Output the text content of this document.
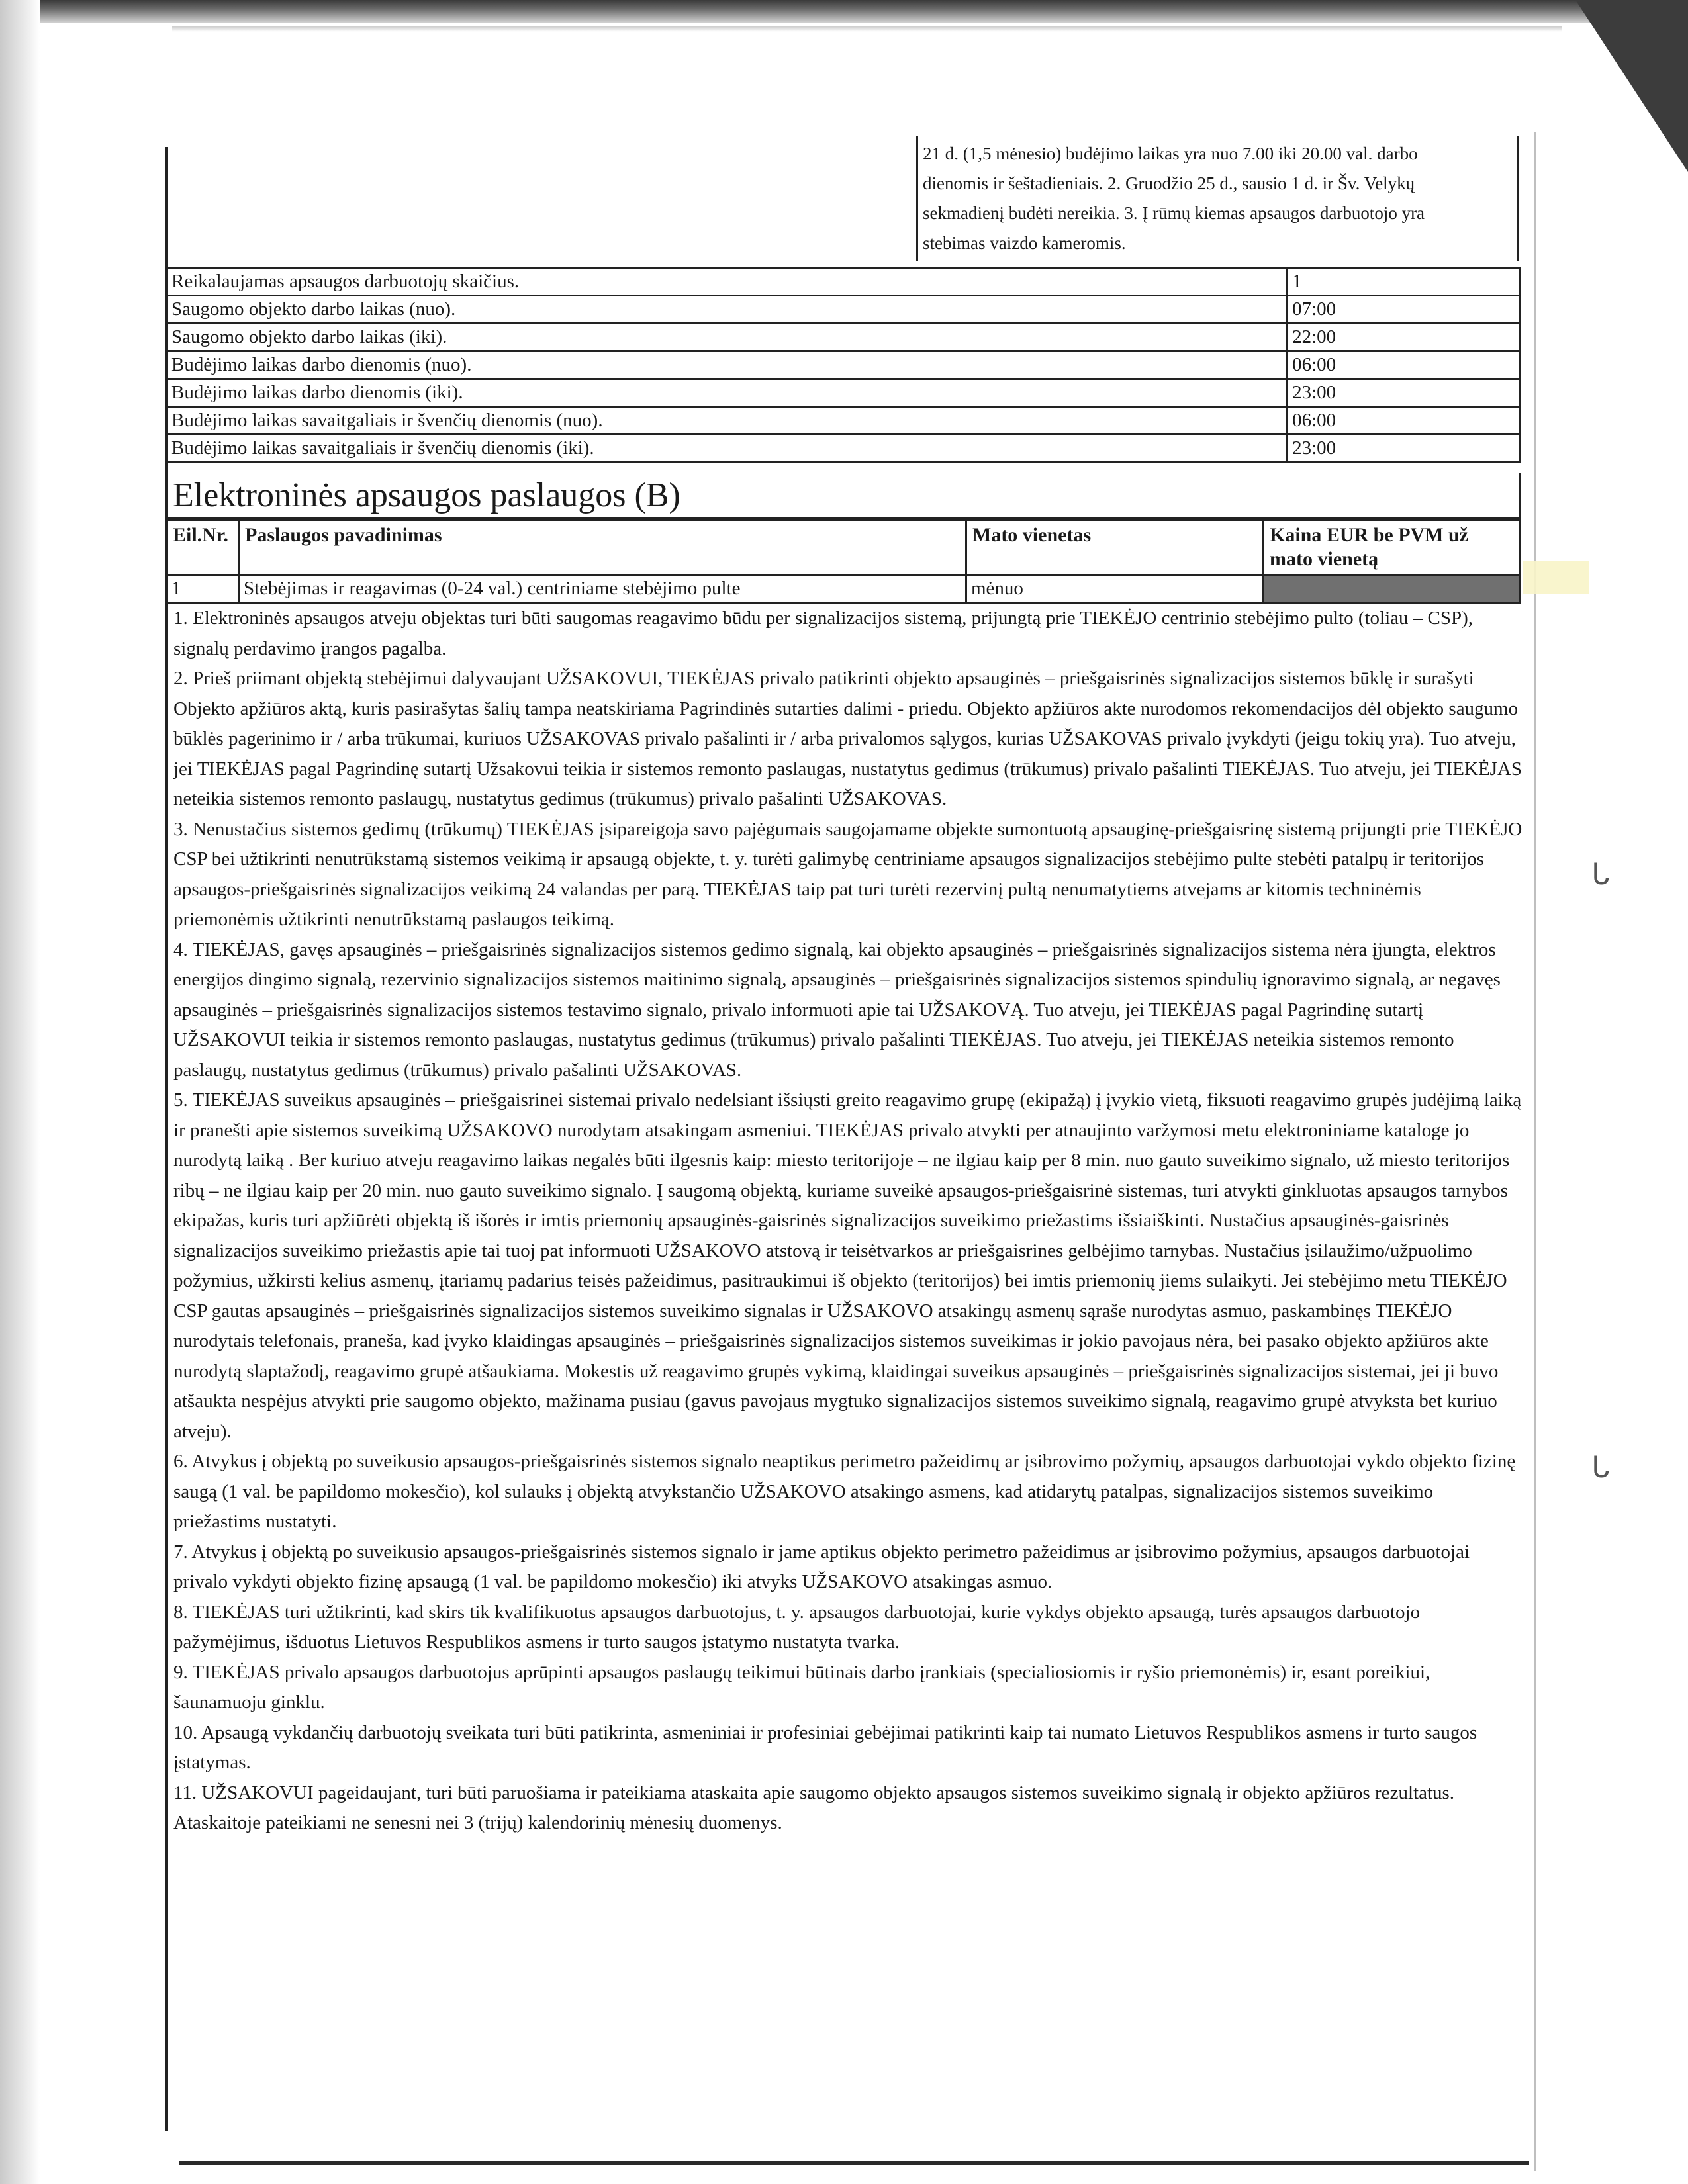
ᒐ
ᒐ
21 d. (1,5 mėnesio) budėjimo laikas yra nuo 7.00 iki 20.00 val. darbo
dienomis ir šeštadieniais. 2. Gruodžio 25 d., sausio 1 d. ir Šv. Velykų
sekmadienį budėti nereikia. 3. Į rūmų kiemas apsaugos darbuotojo yra
stebimas vaizdo kameromis.
Reikalaujamas apsaugos darbuotojų skaičius.	1
Saugomo objekto darbo laikas (nuo).	07:00
Saugomo objekto darbo laikas (iki).	22:00
Budėjimo laikas darbo dienomis (nuo).	06:00
Budėjimo laikas darbo dienomis (iki).	23:00
Budėjimo laikas savaitgaliais ir švenčių dienomis (nuo).	06:00
Budėjimo laikas savaitgaliais ir švenčių dienomis (iki).	23:00
Elektroninės apsaugos paslaugos (B)
Eil.Nr.	Paslaugos pavadinimas	Mato vienetas	Kaina EUR be PVM už mato vienetą
1	Stebėjimas ir reagavimas (0-24 val.) centriniame stebėjimo pulte	mėnuo	

1. Elektroninės apsaugos atveju objektas turi būti saugomas reagavimo būdu per signalizacijos sistemą, prijungtą prie TIEKĖJO centrinio stebėjimo pulto (toliau – CSP), signalų perdavimo įrangos pagalba.

2. Prieš priimant objektą stebėjimui dalyvaujant UŽSAKOVUI, TIEKĖJAS privalo patikrinti objekto apsauginės – priešgaisrinės signalizacijos sistemos būklę ir surašyti Objekto apžiūros aktą, kuris pasirašytas šalių tampa neatskiriama Pagrindinės sutarties dalimi - priedu. Objekto apžiūros akte nurodomos rekomendacijos dėl objekto saugumo būklės pagerinimo ir / arba trūkumai, kuriuos UŽSAKOVAS privalo pašalinti ir / arba privalomos sąlygos, kurias UŽSAKOVAS privalo įvykdyti (jeigu tokių yra). Tuo atveju, jei TIEKĖJAS pagal Pagrindinę sutartį Užsakovui teikia ir sistemos remonto paslaugas, nustatytus gedimus (trūkumus) privalo pašalinti TIEKĖJAS. Tuo atveju, jei TIEKĖJAS neteikia sistemos remonto paslaugų, nustatytus gedimus (trūkumus) privalo pašalinti UŽSAKOVAS.

3. Nenustačius sistemos gedimų (trūkumų) TIEKĖJAS įsipareigoja savo pajėgumais saugojamame objekte sumontuotą apsauginę-priešgaisrinę sistemą prijungti prie TIEKĖJO CSP bei užtikrinti nenutrūkstamą sistemos veikimą ir apsaugą objekte, t. y. turėti galimybę centriniame apsaugos signalizacijos stebėjimo pulte stebėti patalpų ir teritorijos apsaugos-priešgaisrinės signalizacijos veikimą 24 valandas per parą. TIEKĖJAS taip pat turi turėti rezervinį pultą nenumatytiems atvejams ar kitomis techninėmis priemonėmis užtikrinti nenutrūkstamą paslaugos teikimą.

4. TIEKĖJAS, gavęs apsauginės – priešgaisrinės signalizacijos sistemos gedimo signalą, kai objekto apsauginės – priešgaisrinės signalizacijos sistema nėra įjungta, elektros energijos dingimo signalą, rezervinio signalizacijos sistemos maitinimo signalą, apsauginės – priešgaisrinės signalizacijos sistemos spindulių ignoravimo signalą, ar negavęs apsauginės – priešgaisrinės signalizacijos sistemos testavimo signalo, privalo informuoti apie tai UŽSAKOVĄ. Tuo atveju, jei TIEKĖJAS pagal Pagrindinę sutartį UŽSAKOVUI teikia ir sistemos remonto paslaugas, nustatytus gedimus (trūkumus) privalo pašalinti TIEKĖJAS. Tuo atveju, jei TIEKĖJAS neteikia sistemos remonto paslaugų, nustatytus gedimus (trūkumus) privalo pašalinti UŽSAKOVAS.

5. TIEKĖJAS suveikus apsauginės – priešgaisrinei sistemai privalo nedelsiant išsiųsti greito reagavimo grupę (ekipažą) į įvykio vietą, fiksuoti reagavimo grupės judėjimą laiką ir pranešti apie sistemos suveikimą UŽSAKOVO nurodytam atsakingam asmeniui. TIEKĖJAS privalo atvykti per atnaujinto varžymosi metu elektroniniame kataloge jo nurodytą laiką . Ber kuriuo atveju reagavimo laikas negalės būti ilgesnis kaip: miesto teritorijoje – ne ilgiau kaip per 8 min. nuo gauto suveikimo signalo, už miesto teritorijos ribų – ne ilgiau kaip per 20 min. nuo gauto suveikimo signalo. Į saugomą objektą, kuriame suveikė apsaugos-priešgaisrinė sistemas, turi atvykti ginkluotas apsaugos tarnybos ekipažas, kuris turi apžiūrėti objektą iš išorės ir imtis priemonių apsauginės-gaisrinės signalizacijos suveikimo priežastims išsiaiškinti. Nustačius apsauginės-gaisrinės signalizacijos suveikimo priežastis apie tai tuoj pat informuoti UŽSAKOVO atstovą ir teisėtvarkos ar priešgaisrines gelbėjimo tarnybas. Nustačius įsilaužimo/užpuolimo požymius, užkirsti kelius asmenų, įtariamų padarius teisės pažeidimus, pasitraukimui iš objekto (teritorijos) bei imtis priemonių jiems sulaikyti. Jei stebėjimo metu TIEKĖJO CSP gautas apsauginės – priešgaisrinės signalizacijos sistemos suveikimo signalas ir UŽSAKOVO atsakingų asmenų sąraše nurodytas asmuo, paskambinęs TIEKĖJO nurodytais telefonais, praneša, kad įvyko klaidingas apsauginės – priešgaisrinės signalizacijos sistemos suveikimas ir jokio pavojaus nėra, bei pasako objekto apžiūros akte nurodytą slaptažodį, reagavimo grupė atšaukiama. Mokestis už reagavimo grupės vykimą, klaidingai suveikus apsauginės – priešgaisrinės signalizacijos sistemai, jei ji buvo atšaukta nespėjus atvykti prie saugomo objekto, mažinama pusiau (gavus pavojaus mygtuko signalizacijos sistemos suveikimo signalą, reagavimo grupė atvyksta bet kuriuo atveju).

6. Atvykus į objektą po suveikusio apsaugos-priešgaisrinės sistemos signalo neaptikus perimetro pažeidimų ar įsibrovimo požymių, apsaugos darbuotojai vykdo objekto fizinę saugą (1 val. be papildomo mokesčio), kol sulauks į objektą atvykstančio UŽSAKOVO atsakingo asmens, kad atidarytų patalpas, signalizacijos sistemos suveikimo priežastims nustatyti.

7. Atvykus į objektą po suveikusio apsaugos-priešgaisrinės sistemos signalo ir jame aptikus objekto perimetro pažeidimus ar įsibrovimo požymius, apsaugos darbuotojai privalo vykdyti objekto fizinę apsaugą (1 val. be papildomo mokesčio) iki atvyks UŽSAKOVO atsakingas asmuo.

8. TIEKĖJAS turi užtikrinti, kad skirs tik kvalifikuotus apsaugos darbuotojus, t. y. apsaugos darbuotojai, kurie vykdys objekto apsaugą, turės apsaugos darbuotojo pažymėjimus, išduotus Lietuvos Respublikos asmens ir turto saugos įstatymo nustatyta tvarka.

9. TIEKĖJAS privalo apsaugos darbuotojus aprūpinti apsaugos paslaugų teikimui būtinais darbo įrankiais (specialiosiomis ir ryšio priemonėmis) ir, esant poreikiui, šaunamuoju ginklu.

10. Apsaugą vykdančių darbuotojų sveikata turi būti patikrinta, asmeniniai ir profesiniai gebėjimai patikrinti kaip tai numato Lietuvos Respublikos asmens ir turto saugos įstatymas.

11. UŽSAKOVUI pageidaujant, turi būti paruošiama ir pateikiama ataskaita apie saugomo objekto apsaugos sistemos suveikimo signalą ir objekto apžiūros rezultatus. Ataskaitoje pateikiami ne senesni nei 3 (trijų) kalendorinių mėnesių duomenys.
